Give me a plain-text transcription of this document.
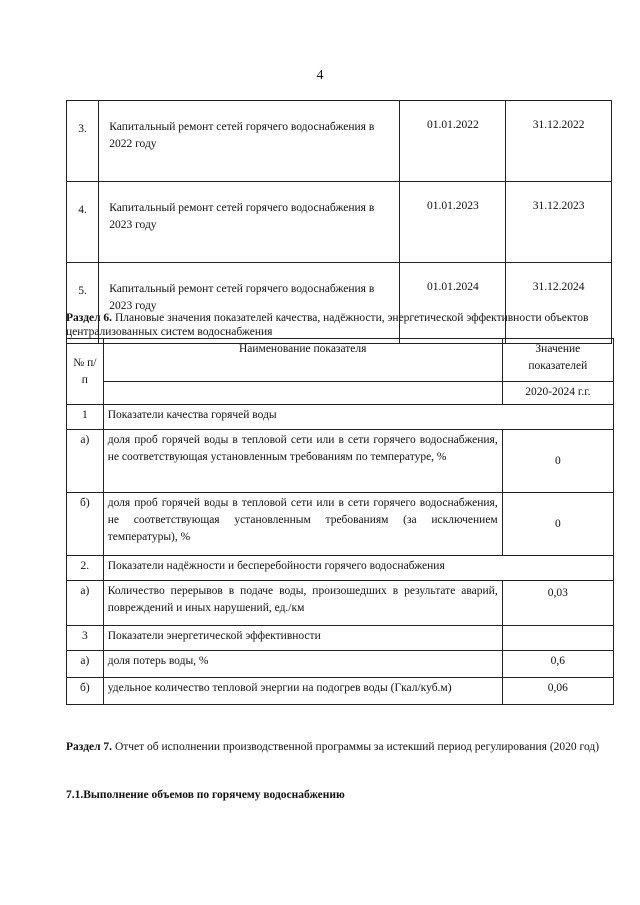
4
3.	Капитальный ремонт сетей горячего водоснабжения в 2022 году	01.01.2022	31.12.2022
4.	Капитальный ремонт сетей горячего водоснабжения в 2023 году	01.01.2023	31.12.2023
5.	Капитальный ремонт сетей горячего водоснабжения в 2023 году	01.01.2024	31.12.2024
Раздел 6. Плановые значения показателей качества, надёжности, энергетической эффективности объектов централизованных систем водоснабжения
№ п/п	Наименование показателя	Значение показателей
		2020-2024 г.г.
1	Показатели качества горячей воды	
а)	доля проб горячей воды в тепловой сети или в сети горячего водоснабжения, не соответствующая установленным требованиям по температуре, %	0
б)	доля проб горячей воды в тепловой сети или в сети горячего водоснабжения, не соответствующая установленным требованиям (за исключением температуры), %	0
2.	Показатели надёжности и бесперебойности горячего водоснабжения	
а)	Количество перерывов в подаче воды, произошедших в результате аварий, повреждений и иных нарушений, ед./км	0,03
3	Показатели энергетической эффективности	
а)	доля потерь воды, %	0,6
б)	удельное количество тепловой энергии на подогрев воды (Гкал/куб.м)	0,06
Раздел 7. Отчет об исполнении производственной программы за истекший период регулирования (2020 год)
7.1.Выполнение объемов по горячему водоснабжению
